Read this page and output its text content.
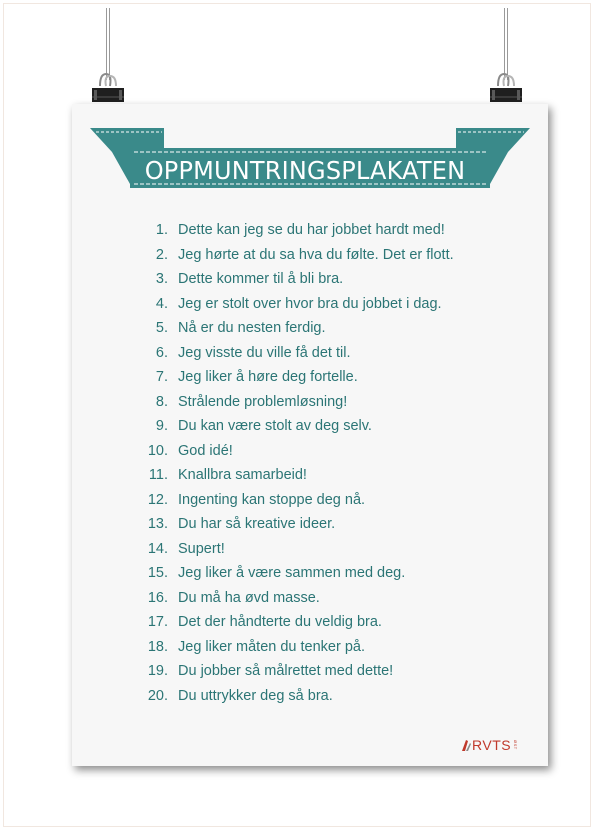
OPPMUNTRINGSPLAKATEN
1. Dette kan jeg se du har jobbet hardt med!
2. Jeg hørte at du sa hva du følte. Det er flott.
3. Dette kommer til å bli bra.
4. Jeg er stolt over hvor bra du jobbet i dag.
5. Nå er du nesten ferdig.
6. Jeg visste du ville få det til.
7. Jeg liker å høre deg fortelle.
8. Strålende problemløsning!
9. Du kan være stolt av deg selv.
10. God idé!
11. Knallbra samarbeid!
12. Ingenting kan stoppe deg nå.
13. Du har så kreative ideer.
14. Supert!
15. Jeg liker å være sammen med deg.
16. Du må ha øvd masse.
17. Det der håndterte du veldig bra.
18. Jeg liker måten du tenker på.
19. Du jobber så målrettet med dette!
20. Du uttrykker deg så bra.
RVTS ØST
